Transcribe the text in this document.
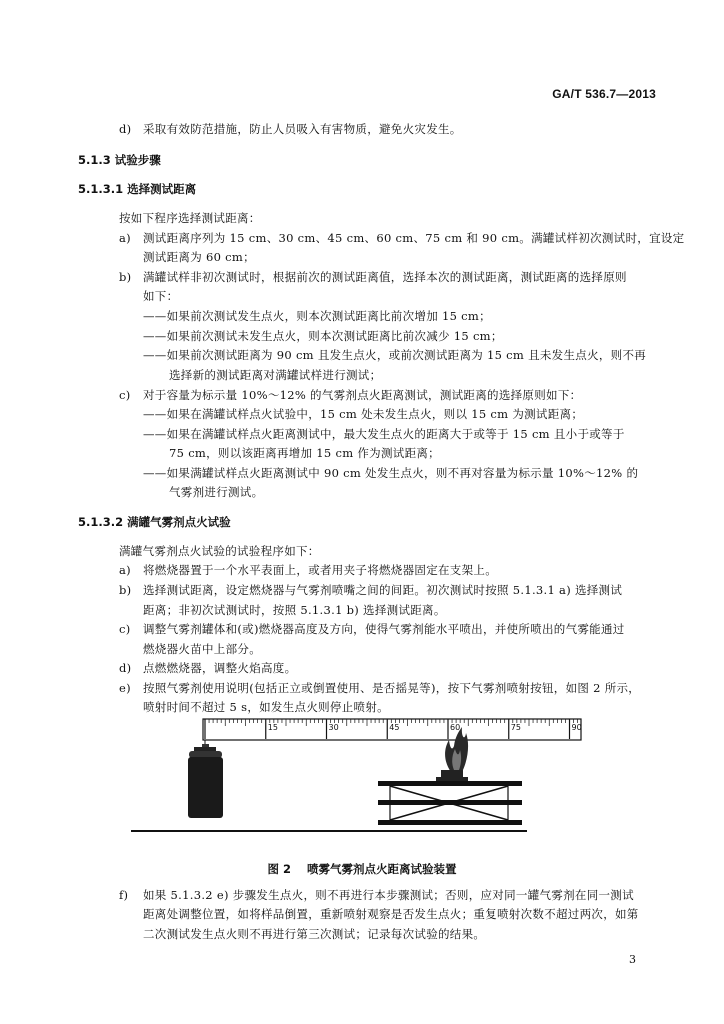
GA/T 536.7—2013
d) 采取有效防范措施，防止人员吸入有害物质，避免火灾发生。
5.1.3 试验步骤
5.1.3.1 选择测试距离
按如下程序选择测试距离：
a) 测试距离序列为 15 cm、30 cm、45 cm、60 cm、75 cm 和 90 cm。满罐试样初次测试时，宜设定
测试距离为 60 cm；
b) 满罐试样非初次测试时，根据前次的测试距离值，选择本次的测试距离，测试距离的选择原则
如下：
——如果前次测试发生点火，则本次测试距离比前次增加 15 cm；
——如果前次测试未发生点火，则本次测试距离比前次减少 15 cm；
——如果前次测试距离为 90 cm 且发生点火，或前次测试距离为 15 cm 且未发生点火，则不再
选择新的测试距离对满罐试样进行测试；
c) 对于容量为标示量 10%～12% 的气雾剂点火距离测试，测试距离的选择原则如下：
——如果在满罐试样点火试验中，15 cm 处未发生点火，则以 15 cm 为测试距离；
——如果在满罐试样点火距离测试中，最大发生点火的距离大于或等于 15 cm 且小于或等于
75 cm，则以该距离再增加 15 cm 作为测试距离；
——如果满罐试样点火距离测试中 90 cm 处发生点火，则不再对容量为标示量 10%～12% 的
气雾剂进行测试。
5.1.3.2 满罐气雾剂点火试验
满罐气雾剂点火试验的试验程序如下：
a) 将燃烧器置于一个水平表面上，或者用夹子将燃烧器固定在支架上。
b) 选择测试距离，设定燃烧器与气雾剂喷嘴之间的间距。初次测试时按照 5.1.3.1 a) 选择测试
距离；非初次试测试时，按照 5.1.3.1 b) 选择测试距离。
c) 调整气雾剂罐体和(或)燃烧器高度及方向，使得气雾剂能水平喷出，并使所喷出的气雾能通过
燃烧器火苗中上部分。
d) 点燃燃烧器，调整火焰高度。
e) 按照气雾剂使用说明(包括正立或倒置使用、是否摇晃等)，按下气雾剂喷射按钮，如图 2 所示，
喷射时间不超过 5 s，如发生点火则停止喷射。
f) 如果 5.1.3.2 e) 步骤发生点火，则不再进行本步骤测试；否则，应对同一罐气雾剂在同一测试
距离处调整位置，如将样品倒置，重新喷射观察是否发生点火；重复喷射次数不超过两次，如第
二次测试发生点火则不再进行第三次测试；记录每次试验的结果。
15	30	45	60	75	90
图 2    喷雾气雾剂点火距离试验装置
3
